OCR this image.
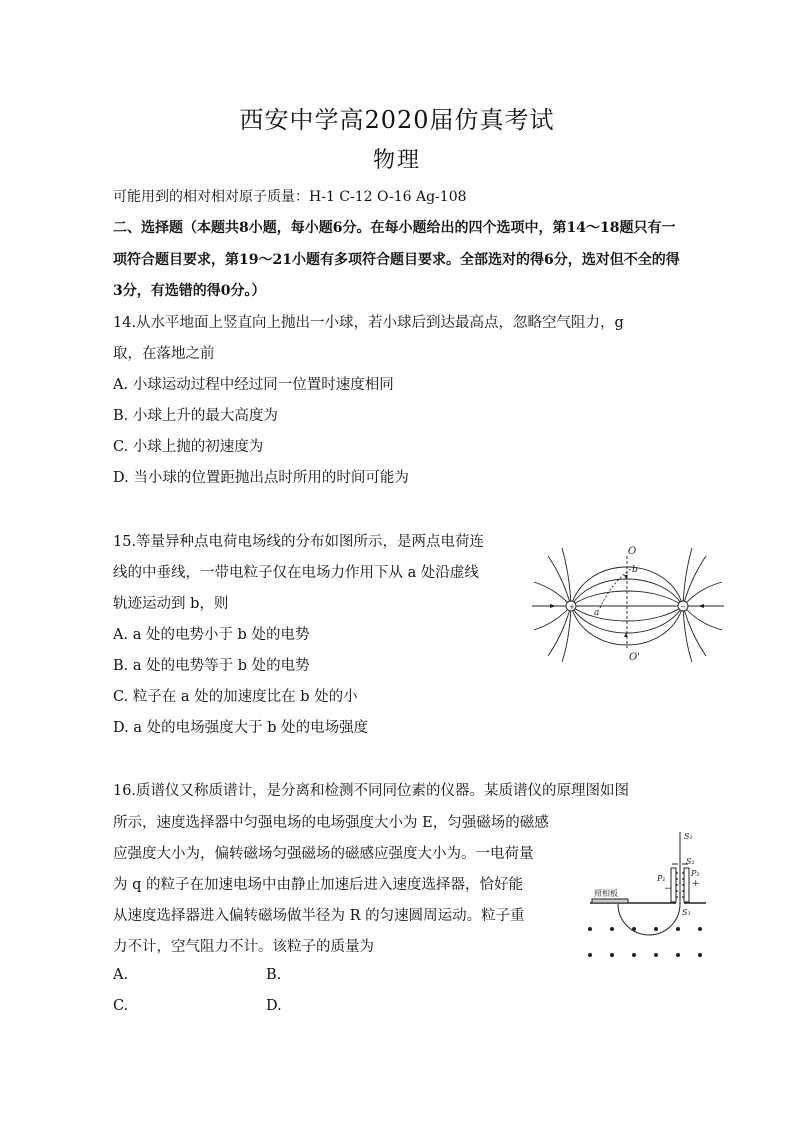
西安中学高2020届仿真考试
物理
可能用到的相对相对原子质量：H-1 C-12 O-16 Ag-108
二、选择题（本题共8小题，每小题6分。在每小题给出的四个选项中，第14～18题只有一
项符合题目要求，第19～21小题有多项符合题目要求。全部选对的得6分，选对但不全的得
3分，有选错的得0分。）
14.从水平地面上竖直向上抛出一小球，若小球后到达最高点，忽略空气阻力，g
取，在落地之前
A. 小球运动过程中经过同一位置时速度相同
B. 小球上升的最大高度为
C. 小球上抛的初速度为
D. 当小球的位置距抛出点时所用的时间可能为
15.等量异种点电荷电场线的分布如图所示，是两点电荷连
线的中垂线，一带电粒子仅在电场力作用下从 a 处沿虚线
轨迹运动到 b，则
A. a 处的电势小于 b 处的电势
B. a 处的电势等于 b 处的电势
C. 粒子在 a 处的加速度比在 b 处的小
D. a 处的电场强度大于 b 处的电场强度
+	−
O
O'
b
a
16.质谱仪又称质谱计，是分离和检测不同同位素的仪器。某质谱仪的原理图如图
所示，速度选择器中匀强电场的电场强度大小为 E，匀强磁场的磁感
应强度大小为，偏转磁场匀强磁场的磁感应强度大小为。一电荷量
为 q 的粒子在加速电场中由静止加速后进入速度选择器，恰好能
从速度选择器进入偏转磁场做半径为 R 的匀速圆周运动。粒子重
力不计，空气阻力不计。该粒子的质量为
A.	B.
C.	D.
S₁
S₂
P₁
P₂
+
−
照相板
S₃
